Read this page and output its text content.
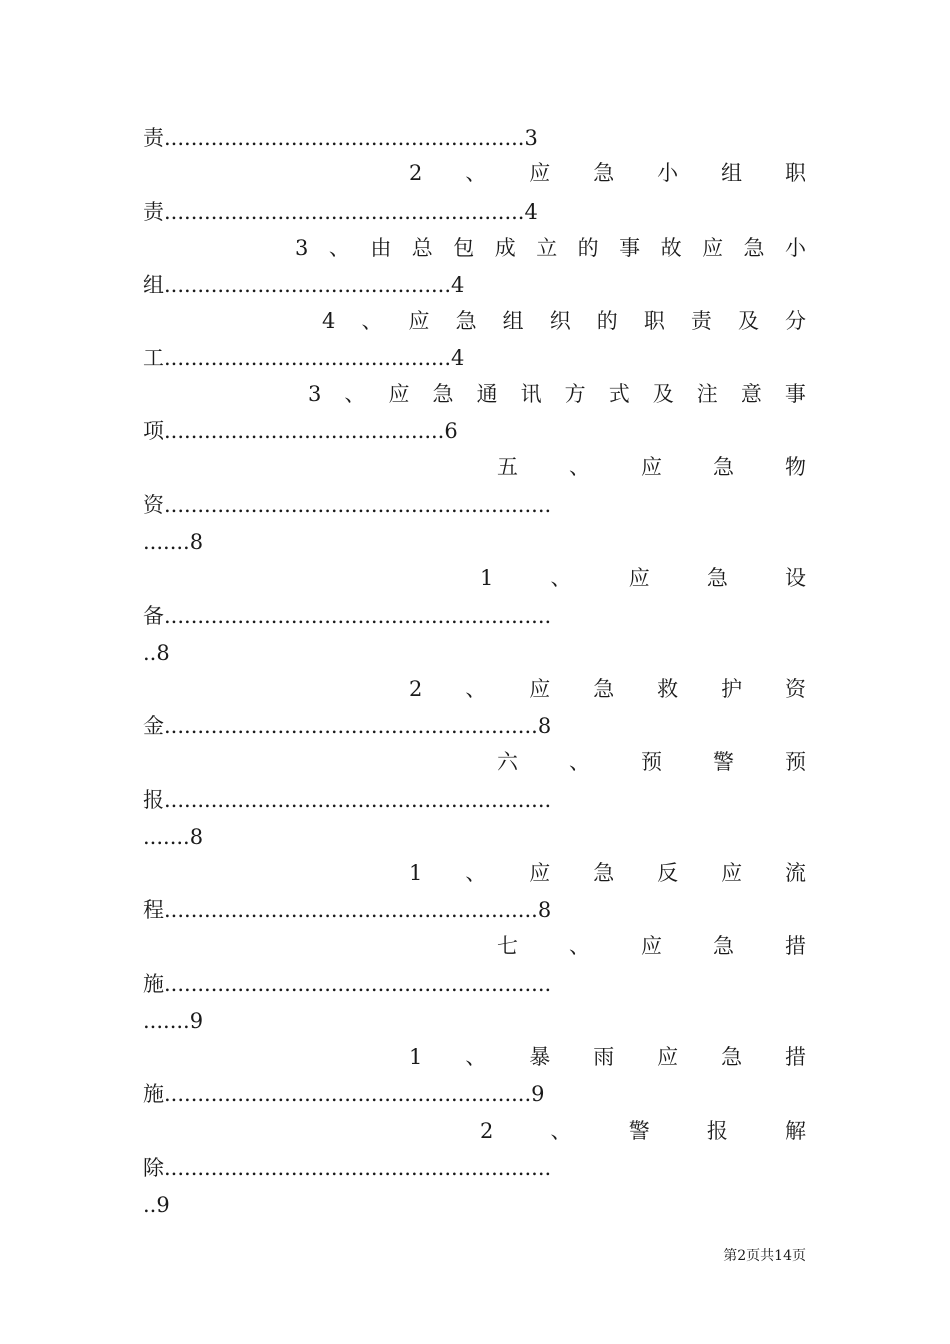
责......................................................3
2 、 应 急 小 组 职
责......................................................4
3 、 由 总 包 成 立 的 事 故 应 急 小
组...........................................4
4 、 应 急 组 织 的 职 责 及 分
工...........................................4
3 、 应 急 通 讯 方 式 及 注 意 事
项..........................................6
五 、 应 急 物
资..........................................................
.......8
1	、	应	急	设
备..........................................................
..8
2 、 应 急 救 护 资
金........................................................8
六 、 预 警 预
报..........................................................
.......8
1 、 应 急 反 应 流
程........................................................8
七 、 应 急 措
施..........................................................
.......9
1 、 暴 雨 应 急 措
施.......................................................9
2	、	警	报	解
除..........................................................
..9
第2页共14页
